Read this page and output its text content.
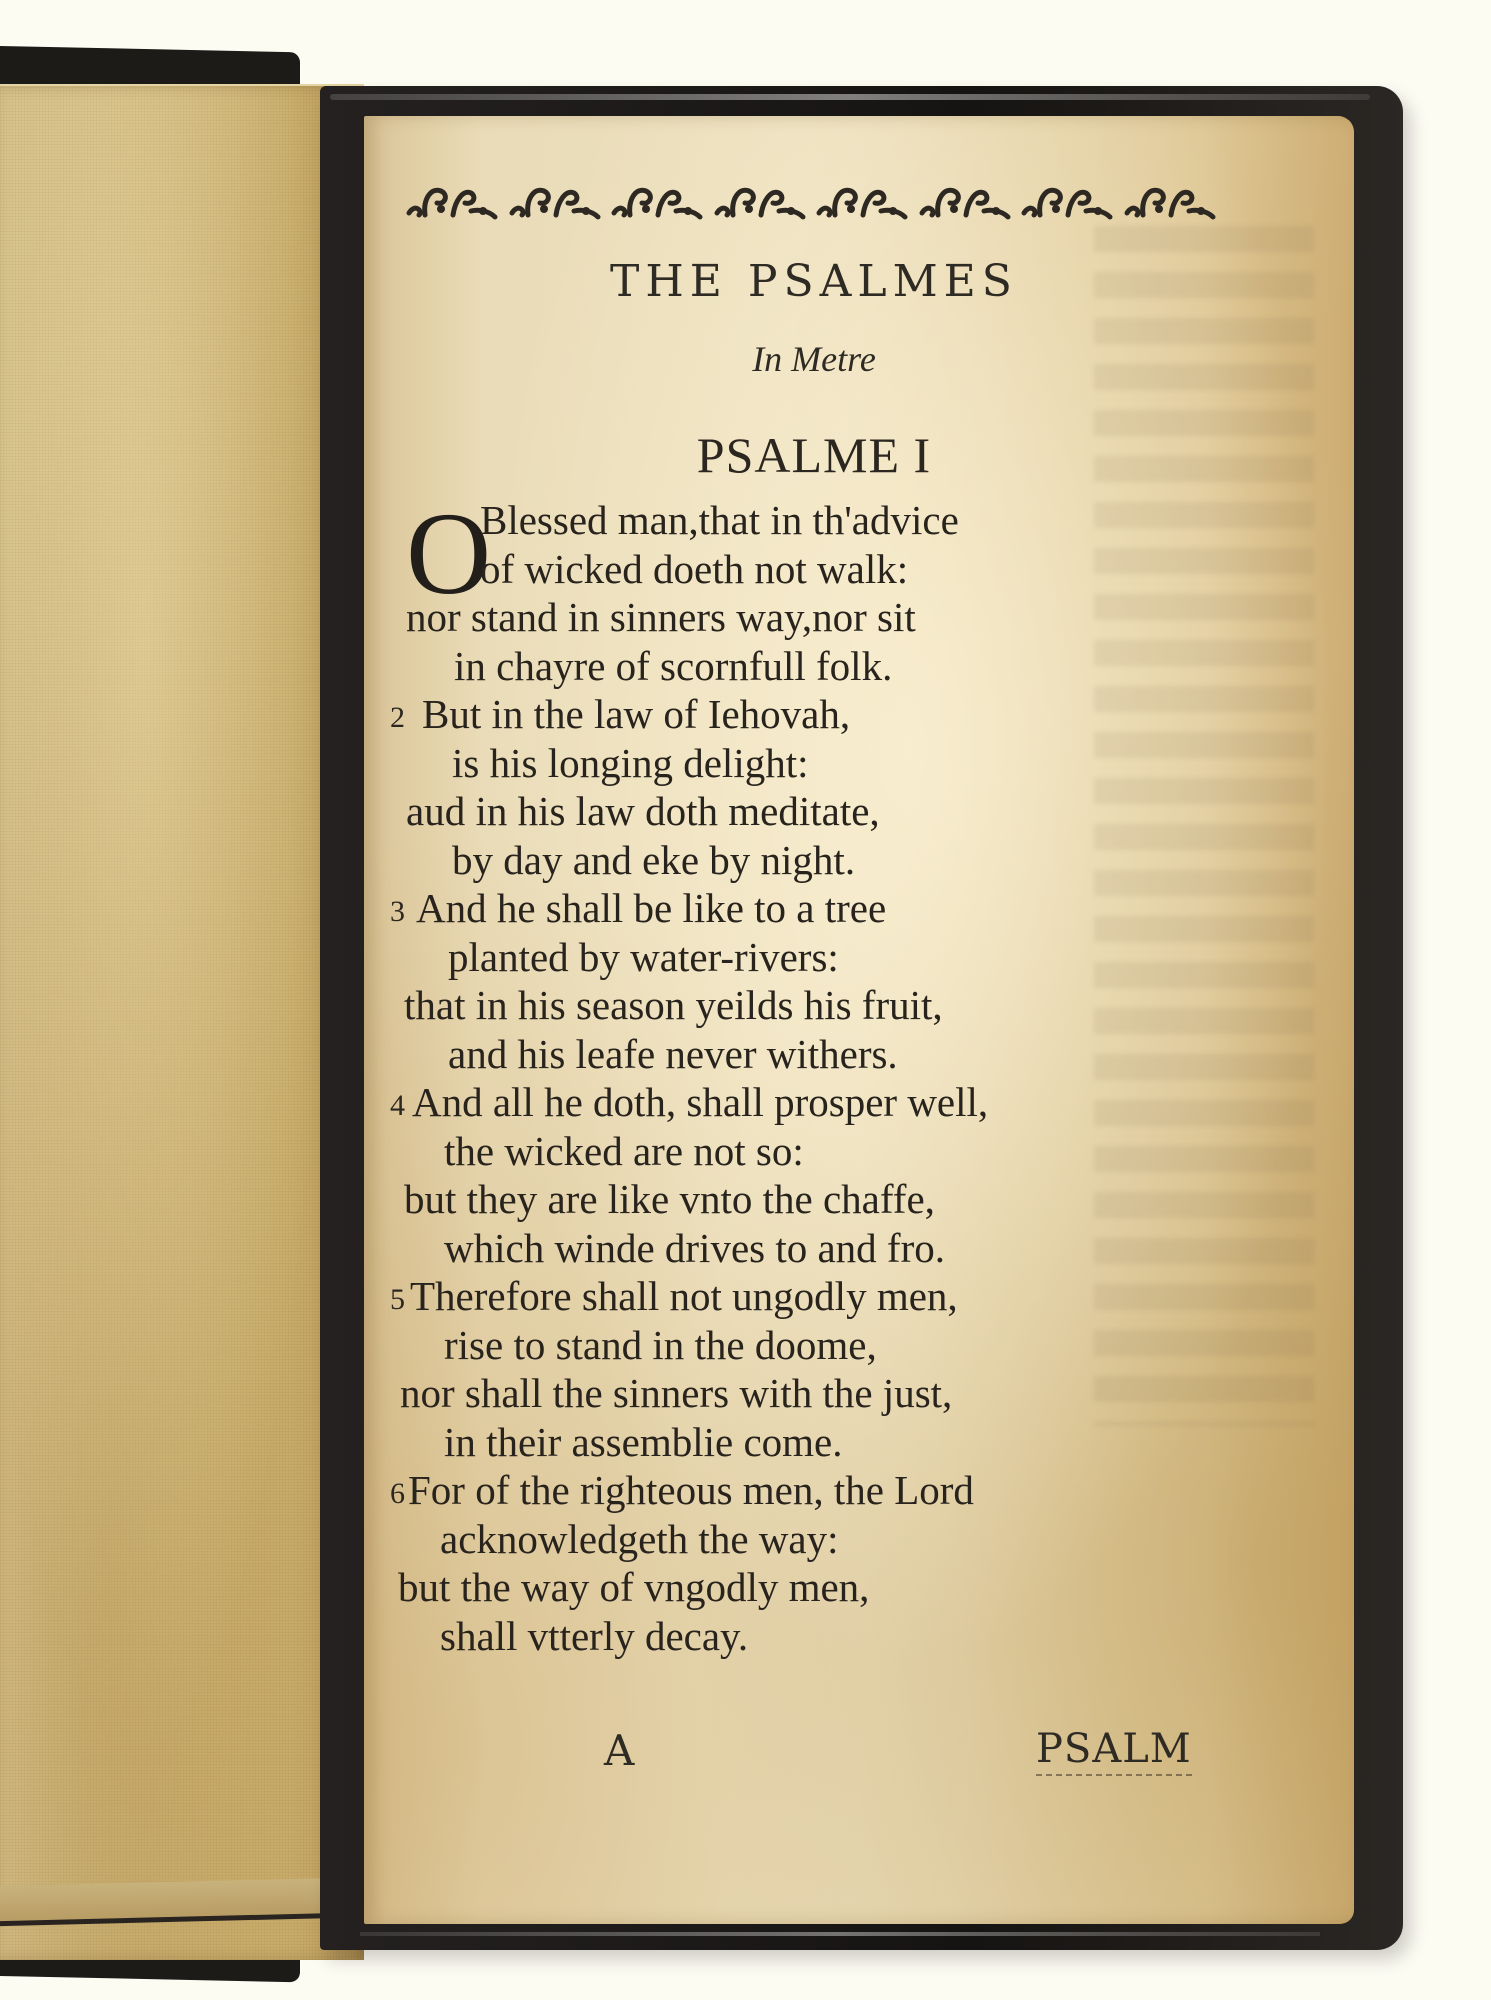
THE PSALMES
In Metre
PSALME I
O
Blessed man,that in th'advice
of wicked doeth not walk:
nor stand in sinners way,nor sit
in chayre of scornfull folk.
2 But in the law of Iehovah,
is his longing delight:
aud in his law doth meditate,
by day and eke by night.
3 And he shall be like to a tree
planted by water-rivers:
that in his season yeilds his fruit,
and his leafe never withers.
4 And all he doth, shall prosper well,
the wicked are not so:
but they are like vnto the chaffe,
which winde drives to and fro.
5 Therefore shall not ungodly men,
rise to stand in the doome,
nor shall the sinners with the just,
in their assemblie come.
6 For of the righteous men, the Lord
acknowledgeth the way:
but the way of vngodly men,
shall vtterly decay.
A	PSALM
